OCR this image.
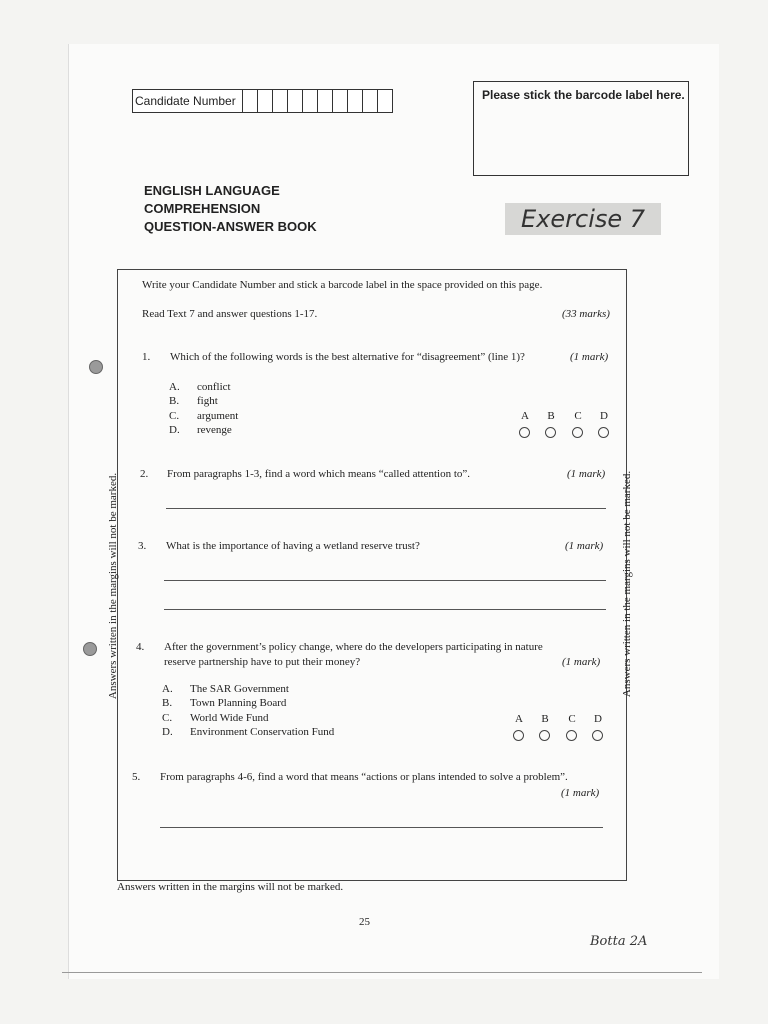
Candidate Number	Please stick the barcode label here.
ENGLISH LANGUAGE
COMPREHENSION
QUESTION-ANSWER BOOK	Exercise 7
Write your Candidate Number and stick a barcode label in the space provided on this page.
Read Text 7 and answer questions 1-17.	(33 marks)
1. Which of the following words is the best alternative for “disagreement” (line 1)?	(1 mark)
A. conflict
B. fight
C. argument
D. revenge
A B C D
2. From paragraphs 1-3, find a word which means “called attention to”.	(1 mark)
3. What is the importance of having a wetland reserve trust?	(1 mark)
4. After the government’s policy change, where do the developers participating in nature
reserve partnership have to put their money?	(1 mark)
A. The SAR Government
B. Town Planning Board
C. World Wide Fund
D. Environment Conservation Fund
A B C D
5. From paragraphs 4-6, find a word that means “actions or plans intended to solve a problem”.
(1 mark)
Answers written in the margins will not be marked.	Answers written in the margins will not be marked.
Answers written in the margins will not be marked.
25
Botta 2A
